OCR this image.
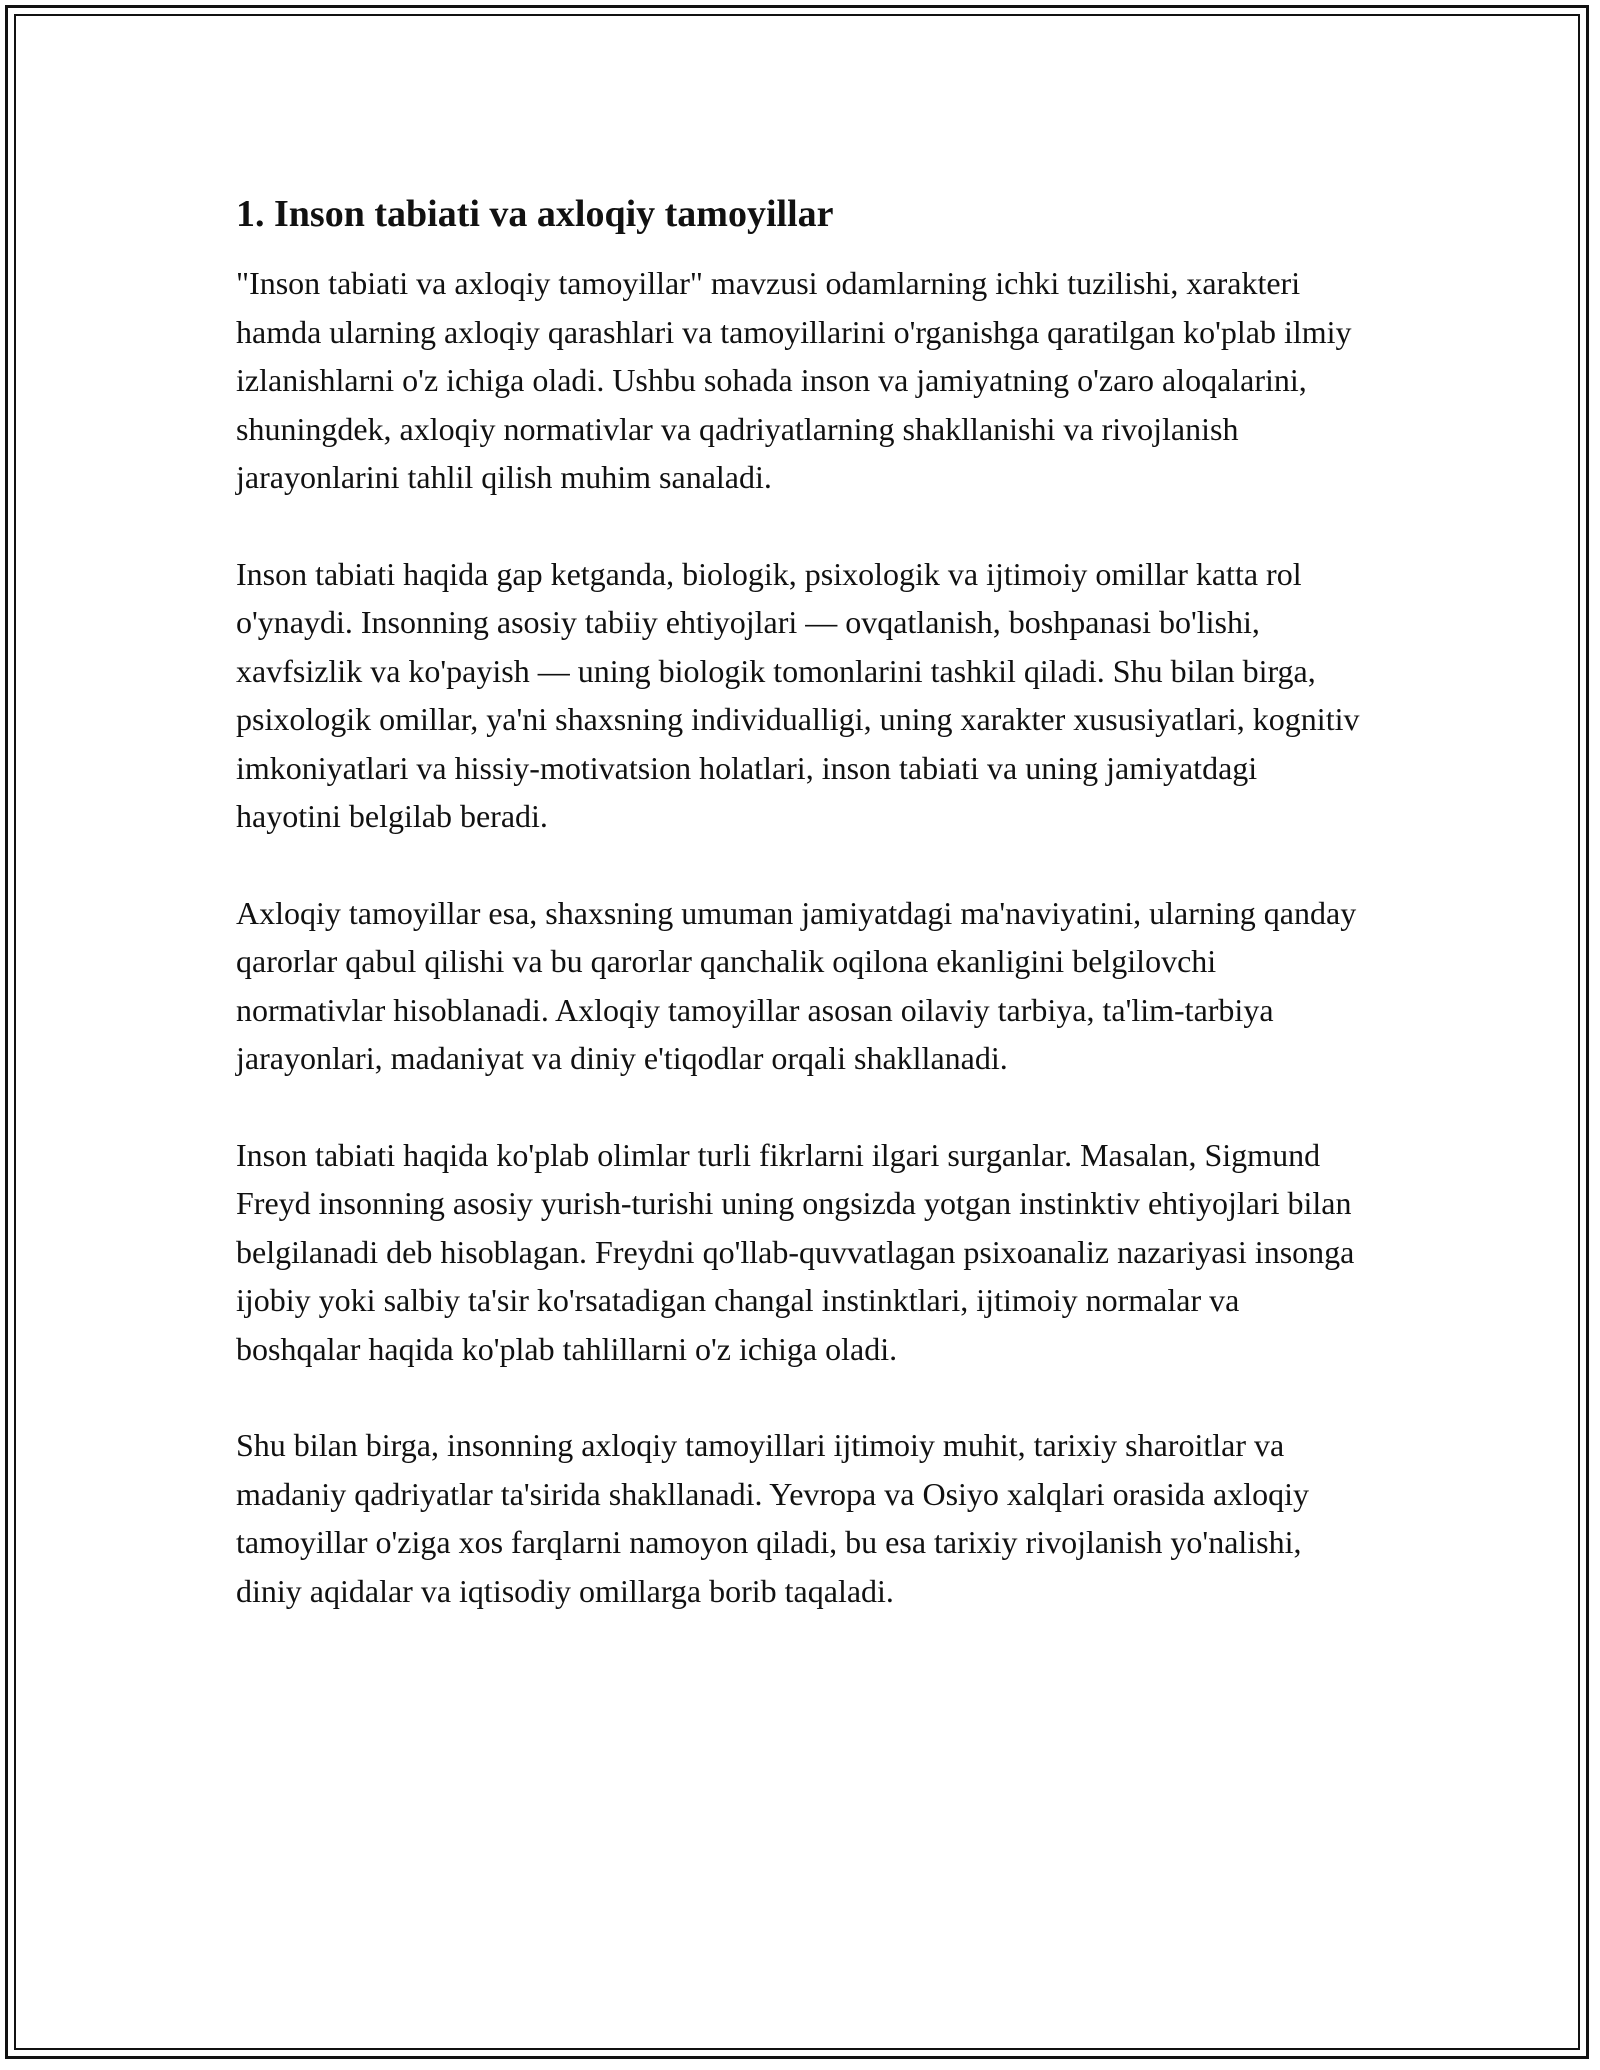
1. Inson tabiati va axloqiy tamoyillar

"Inson tabiati va axloqiy tamoyillar" mavzusi odamlarning ichki tuzilishi, xarakteri hamda ularning axloqiy qarashlari va tamoyillarini o'rganishga qaratilgan ko'plab ilmiy izlanishlarni o'z ichiga oladi. Ushbu sohada inson va jamiyatning o'zaro aloqalarini, shuningdek, axloqiy normativlar va qadriyatlarning shakllanishi va rivojlanish jarayonlarini tahlil qilish muhim sanaladi.

Inson tabiati haqida gap ketganda, biologik, psixologik va ijtimoiy omillar katta rol o'ynaydi. Insonning asosiy tabiiy ehtiyojlari — ovqatlanish, boshpanasi bo'lishi, xavfsizlik va ko'payish — uning biologik tomonlarini tashkil qiladi. Shu bilan birga, psixologik omillar, ya'ni shaxsning individualligi, uning xarakter xususiyatlari, kognitiv imkoniyatlari va hissiy-motivatsion holatlari, inson tabiati va uning jamiyatdagi hayotini belgilab beradi.

Axloqiy tamoyillar esa, shaxsning umuman jamiyatdagi ma'naviyatini, ularning qanday qarorlar qabul qilishi va bu qarorlar qanchalik oqilona ekanligini belgilovchi normativlar hisoblanadi. Axloqiy tamoyillar asosan oilaviy tarbiya, ta'lim-tarbiya jarayonlari, madaniyat va diniy e'tiqodlar orqali shakllanadi.

Inson tabiati haqida ko'plab olimlar turli fikrlarni ilgari surganlar. Masalan, Sigmund Freyd insonning asosiy yurish-turishi uning ongsizda yotgan instinktiv ehtiyojlari bilan belgilanadi deb hisoblagan. Freydni qo'llab-quvvatlagan psixoanaliz nazariyasi insonga ijobiy yoki salbiy ta'sir ko'rsatadigan changal instinktlari, ijtimoiy normalar va boshqalar haqida ko'plab tahlillarni o'z ichiga oladi.

Shu bilan birga, insonning axloqiy tamoyillari ijtimoiy muhit, tarixiy sharoitlar va madaniy qadriyatlar ta'sirida shakllanadi. Yevropa va Osiyo xalqlari orasida axloqiy tamoyillar o'ziga xos farqlarni namoyon qiladi, bu esa tarixiy rivojlanish yo'nalishi, diniy aqidalar va iqtisodiy omillarga borib taqaladi.
